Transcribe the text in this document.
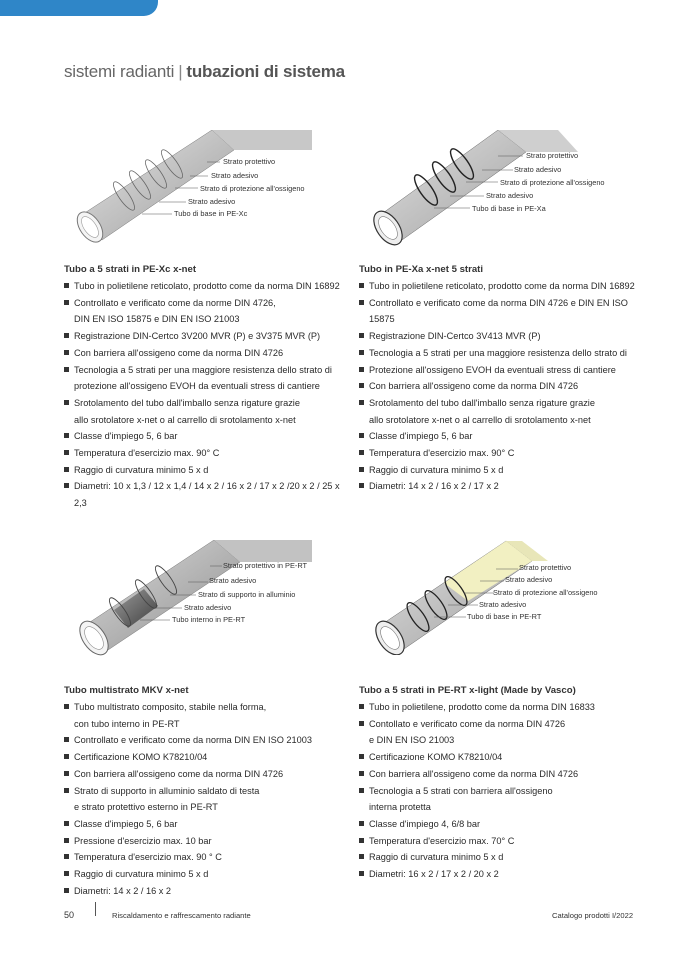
sistemi radianti | tubazioni di sistema
Strato protettivo
Strato adesivo
Strato di protezione all'ossigeno
Strato adesivo
Tubo di base in PE-Xc
Strato protettivo
Strato adesivo
Strato di protezione all'ossigeno
Strato adesivo
Tubo di base in PE-Xa
Tubo a 5 strati in PE-Xc x-net
Tubo in polietilene reticolato, prodotto come da norma DIN 16892
Controllato e verificato come da norme DIN 4726,
DIN EN ISO 15875 e DIN EN ISO 21003
Registrazione DIN-Certco 3V200 MVR (P) e 3V375 MVR (P)
Con barriera all'ossigeno come da norma DIN 4726
Tecnologia a 5 strati per una maggiore resistenza dello strato di
protezione all'ossigeno EVOH da eventuali stress di cantiere
Srotolamento del tubo dall'imballo senza rigature grazie
allo srotolatore x-net o al carrello di srotolamento x-net
Classe d'impiego 5, 6 bar
Temperatura d'esercizio max. 90° C
Raggio di curvatura minimo 5 x d
Diametri: 10 x 1,3 / 12 x 1,4 / 14 x 2 / 16 x 2 / 17 x 2 /20 x 2 / 25 x 2,3
Tubo in PE-Xa x-net 5 strati
Tubo in polietilene reticolato, prodotto come da norma DIN 16892
Controllato e verificato come da norma DIN 4726 e DIN EN ISO 15875
Registrazione DIN-Certco 3V413 MVR (P)
Tecnologia a 5 strati per una maggiore resistenza dello strato di
Protezione all'ossigeno EVOH da eventuali stress di cantiere
Con barriera all'ossigeno come da norma DIN 4726
Srotolamento del tubo dall'imballo senza rigature grazie
allo srotolatore x-net o al carrello di srotolamento x-net
Classe d'impiego 5, 6 bar
Temperatura d'esercizio max. 90° C
Raggio di curvatura minimo 5 x d
Diametri: 14 x 2 / 16 x 2 / 17 x 2
Strato protettivo in PE-RT
Strato adesivo
Strato di supporto in alluminio
Strato adesivo
Tubo interno in PE-RT
Strato protettivo
Strato adesivo
Strato di protezione all'ossigeno
Strato adesivo
Tubo di base in PE-RT
Tubo multistrato MKV x-net
Tubo multistrato composito, stabile nella forma,
con tubo interno in PE-RT
Controllato e verificato come da norma DIN EN ISO 21003
Certificazione KOMO K78210/04
Con barriera all'ossigeno come da norma DIN 4726
Strato di supporto in alluminio saldato di testa
e strato protettivo esterno in PE-RT
Classe d'impiego 5, 6 bar
Pressione d'esercizio max. 10 bar
Temperatura d'esercizio max. 90 ° C
Raggio di curvatura minimo 5 x d
Diametri: 14 x 2 / 16 x 2
Tubo a 5 strati in PE-RT x-light (Made by Vasco)
Tubo in polietilene, prodotto come da norma DIN 16833
Contollato e verificato come da norma DIN 4726
e DIN EN ISO 21003
Certificazione KOMO K78210/04
Con barriera all'ossigeno come da norma DIN 4726
Tecnologia a 5 strati con barriera all'ossigeno
interna protetta
Classe d'impiego 4, 6/8 bar
Temperatura d'esercizio max. 70° C
Raggio di curvatura minimo 5 x d
Diametri: 16 x 2 / 17 x 2 / 20 x 2
50	Riscaldamento e raffrescamento radiante	Catalogo prodotti I/2022
